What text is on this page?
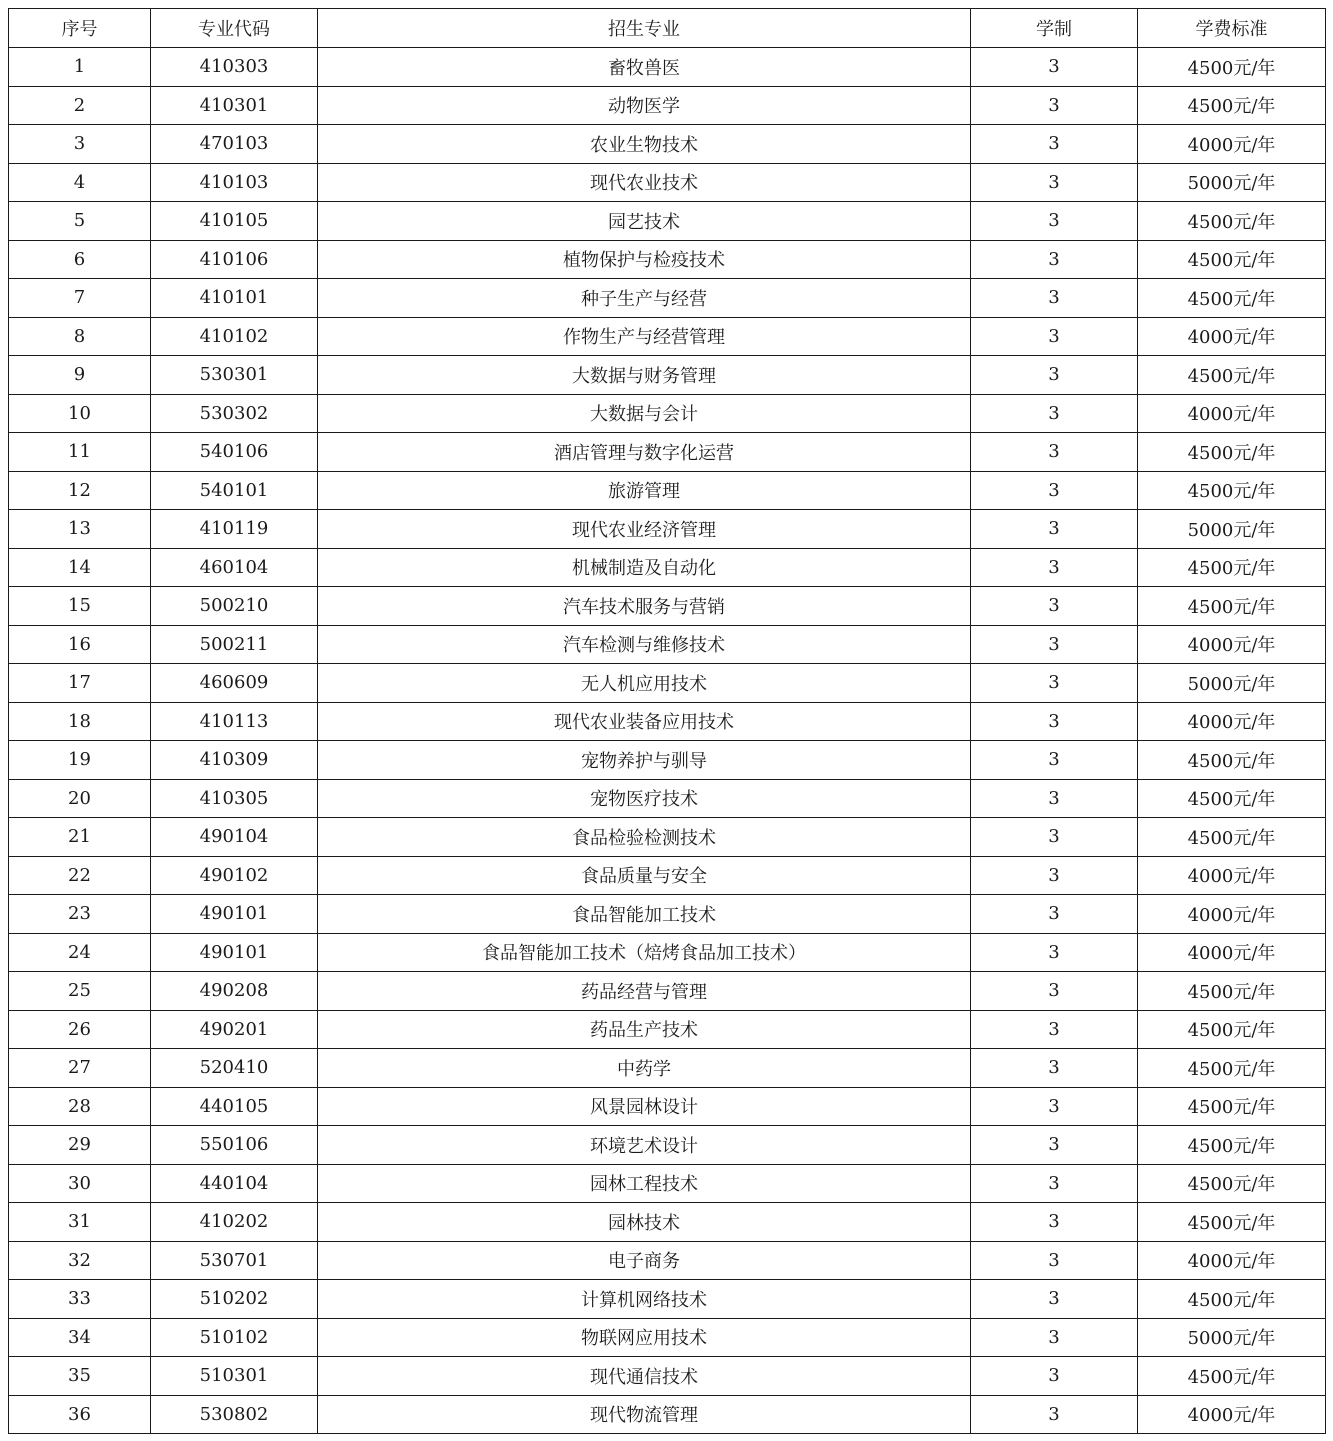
序号	专业代码	招生专业	学制	学费标准
1	410303	畜牧兽医	3	4500元/年
2	410301	动物医学	3	4500元/年
3	470103	农业生物技术	3	4000元/年
4	410103	现代农业技术	3	5000元/年
5	410105	园艺技术	3	4500元/年
6	410106	植物保护与检疫技术	3	4500元/年
7	410101	种子生产与经营	3	4500元/年
8	410102	作物生产与经营管理	3	4000元/年
9	530301	大数据与财务管理	3	4500元/年
10	530302	大数据与会计	3	4000元/年
11	540106	酒店管理与数字化运营	3	4500元/年
12	540101	旅游管理	3	4500元/年
13	410119	现代农业经济管理	3	5000元/年
14	460104	机械制造及自动化	3	4500元/年
15	500210	汽车技术服务与营销	3	4500元/年
16	500211	汽车检测与维修技术	3	4000元/年
17	460609	无人机应用技术	3	5000元/年
18	410113	现代农业装备应用技术	3	4000元/年
19	410309	宠物养护与驯导	3	4500元/年
20	410305	宠物医疗技术	3	4500元/年
21	490104	食品检验检测技术	3	4500元/年
22	490102	食品质量与安全	3	4000元/年
23	490101	食品智能加工技术	3	4000元/年
24	490101	食品智能加工技术（焙烤食品加工技术）	3	4000元/年
25	490208	药品经营与管理	3	4500元/年
26	490201	药品生产技术	3	4500元/年
27	520410	中药学	3	4500元/年
28	440105	风景园林设计	3	4500元/年
29	550106	环境艺术设计	3	4500元/年
30	440104	园林工程技术	3	4500元/年
31	410202	园林技术	3	4500元/年
32	530701	电子商务	3	4000元/年
33	510202	计算机网络技术	3	4500元/年
34	510102	物联网应用技术	3	5000元/年
35	510301	现代通信技术	3	4500元/年
36	530802	现代物流管理	3	4000元/年
